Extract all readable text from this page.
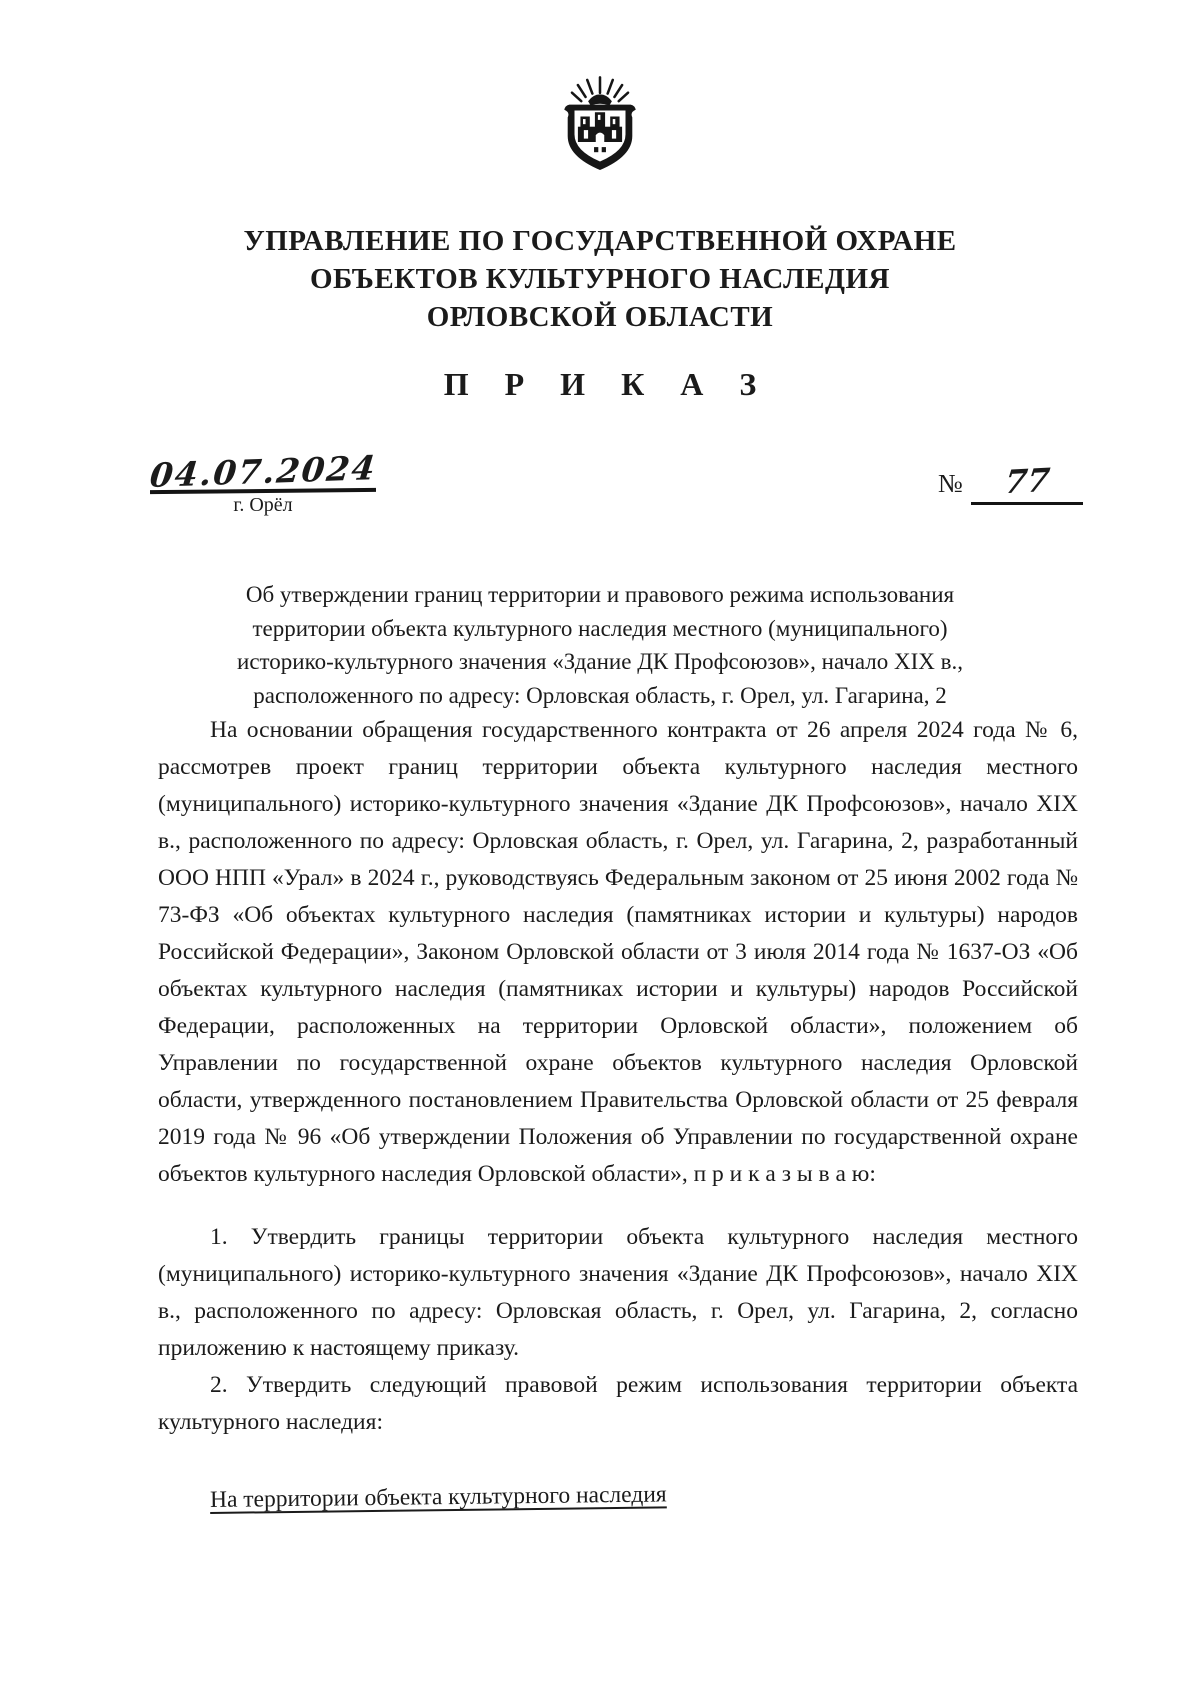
УПРАВЛЕНИЕ ПО ГОСУДАРСТВЕННОЙ ОХРАНЕ
ОБЪЕКТОВ КУЛЬТУРНОГО НАСЛЕДИЯ
ОРЛОВСКОЙ ОБЛАСТИ
П Р И К А З
04.07.2024
г. Орёл
№ 77
Об утверждении границ территории и правового режима использования
территории объекта культурного наследия местного (муниципального)
историко-культурного значения «Здание ДК Профсоюзов», начало XIX в.,
расположенного по адресу: Орловская область, г. Орел, ул. Гагарина, 2

На основании обращения государственного контракта от 26 апреля 2024 года № 6, рассмотрев проект границ территории объекта культурного наследия местного (муниципального) историко-культурного значения «Здание ДК Профсоюзов», начало XIX в., расположенного по адресу: Орловская область, г. Орел, ул. Гагарина, 2, разработанный ООО НПП «Урал» в 2024 г., руководствуясь Федеральным законом от 25 июня 2002 года № 73-ФЗ «Об объектах культурного наследия (памятниках истории и культуры) народов Российской Федерации», Законом Орловской области от 3 июля 2014 года № 1637-ОЗ «Об объектах культурного наследия (памятниках истории и культуры) народов Российской Федерации, расположенных на территории Орловской области», положением об Управлении по государственной охране объектов культурного наследия Орловской области, утвержденного постановлением Правительства Орловской области от 25 февраля 2019 года № 96 «Об утверждении Положения об Управлении по государственной охране объектов культурного наследия Орловской области», п р и к а з ы в а ю:

1. Утвердить границы территории объекта культурного наследия местного (муниципального) историко-культурного значения «Здание ДК Профсоюзов», начало XIX в., расположенного по адресу: Орловская область, г. Орел, ул. Гагарина, 2, согласно приложению к настоящему приказу.

2. Утвердить следующий правовой режим использования территории объекта культурного наследия:

На территории объекта культурного наследия
